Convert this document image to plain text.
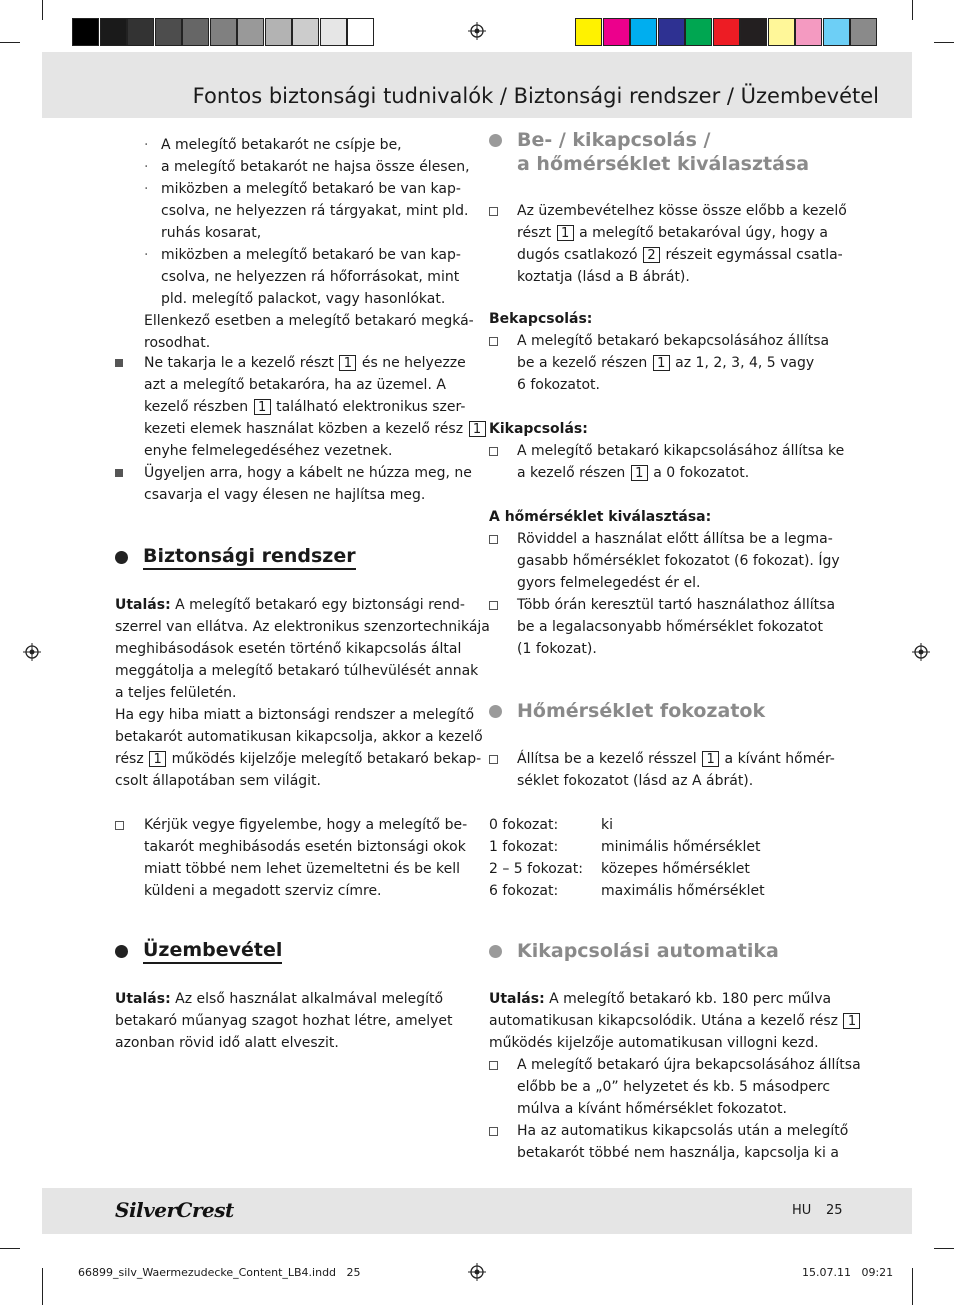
Fontos biztonsági tudnivalók / Biztonsági rendszer / Üzembevétel
·
·
·
·
A melegítő betakarót ne csípje be,
a melegítő betakarót ne hajsa össze élesen,
miközben a melegítő betakaró be van kap-
csolva, ne helyezzen rá tárgyakat, mint pld.
ruhás kosarat,
miközben a melegítő betakaró be van kap-
csolva, ne helyezzen rá hőforrásokat, mint
pld. melegítő palackot, vagy hasonlókat.
Ellenkező esetben a melegítő betakaró megká-
rosodhat.
Ne takarja le a kezelő részt 1 és ne helyezze
azt a melegítő betakaróra, ha az üzemel. A
kezelő részben 1 található elektronikus szer-
kezeti elemek használat közben a kezelő rész 1
enyhe felmelegedéséhez vezetnek.
Ügyeljen arra, hogy a kábelt ne húzza meg, ne
csavarja el vagy élesen ne hajlítsa meg.
Biztonsági rendszer
Utalás: A melegítő betakaró egy biztonsági rend-
szerrel van ellátva. Az elektronikus szenzortechnikája
meghibásodások esetén történő kikapcsolás által
meggátolja a melegítő betakaró túlhevülését annak
a teljes felületén.
Ha egy hiba miatt a biztonsági rendszer a melegítő
betakarót automatikusan kikapcsolja, akkor a kezelő
rész 1 működés kijelzője melegítő betakaró bekap-
csolt állapotában sem világit.
Kérjük vegye figyelembe, hogy a melegítő be-
takarót meghibásodás esetén biztonsági okok
miatt többé nem lehet üzemeltetni és be kell
küldeni a megadott szerviz címre.
Üzembevétel
Utalás: Az első használat alkalmával melegítő
betakaró műanyag szagot hozhat létre, amelyet
azonban rövid idő alatt elveszit.
Be- / kikapcsolás /
a hőmérséklet kiválasztása
Az üzembevételhez kösse össze előbb a kezelő
részt 1 a melegítő betakaróval úgy, hogy a
dugós csatlakozó 2 részeit egymással csatla-
koztatja (lásd a B ábrát).
Bekapcsolás:
A melegítő betakaró bekapcsolásához állítsa
be a kezelő részen 1 az 1, 2, 3, 4, 5 vagy
6 fokozatot.
Kikapcsolás:
A melegítő betakaró kikapcsolásához állítsa ke
a kezelő részen 1 a 0 fokozatot.
A hőmérséklet kiválasztása:
Röviddel a használat előtt állítsa be a legma-
gasabb hőmérséklet fokozatot (6 fokozat). Így
gyors felmelegedést ér el.
Több órán keresztül tartó használathoz állítsa
be a legalacsonyabb hőmérséklet fokozatot
(1 fokozat).
Hőmérséklet fokozatok
Állítsa be a kezelő résszel 1 a kívánt hőmér-
séklet fokozatot (lásd az A ábrát).
0 fokozat:	ki
1 fokozat:	minimális hőmérséklet
2 – 5 fokozat: közepes hőmérséklet
6 fokozat:	maximális hőmérséklet
Kikapcsolási automatika
Utalás: A melegítő betakaró kb. 180 perc műlva
automatikusan kikapcsolódik. Utána a kezelő rész 1
működés kijelzője automatikusan villogni kezd.
A melegítő betakaró újra bekapcsolásához állítsa
előbb be a „0” helyzetet és kb. 5 másodperc
múlva a kívánt hőmérséklet fokozatot.
Ha az automatikus kikapcsolás után a melegítő
betakarót többé nem használja, kapcsolja ki a
SilverCrest	HU 25
66899_silv_Waermezudecke_Content_LB4.indd   25	15.07.11   09:21
